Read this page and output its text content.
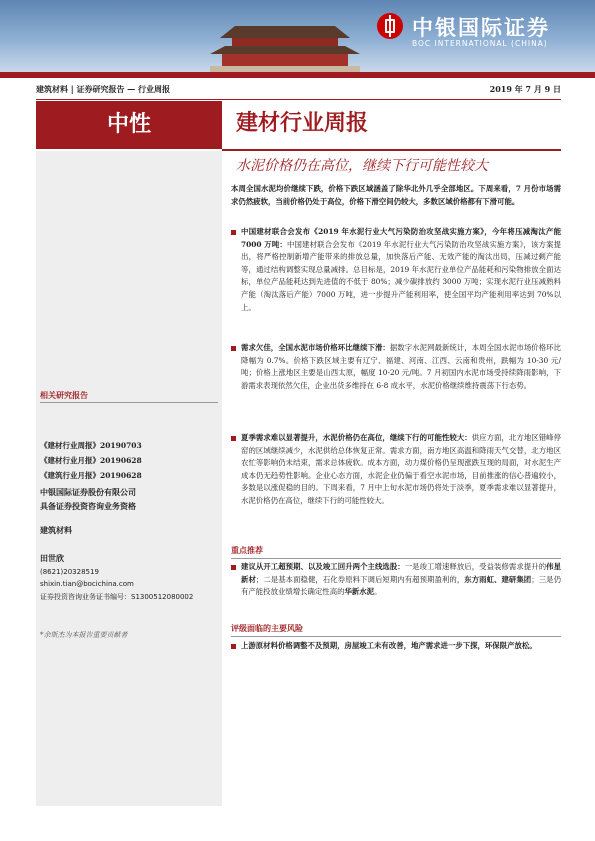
中银国际证券
BOC INTERNATIONAL (CHINA)
建筑材料 | 证券研究报告 — 行业周报	2019 年 7 月 9 日
中性	建材行业周报
水泥价格仍在高位，继续下行可能性较大
相关研究报告
《建材行业周报》20190703
《建材行业月报》20190628
《建筑行业月报》20190628
中银国际证券股份有限公司
具备证券投资咨询业务资格
建筑材料
田世欣
(8621)20328519
shixin.tian@bocichina.com
证券投资咨询业务证书编号：S1300512080002
*余斯杰为本报告重要贡献者
本周全国水泥均价继续下跌，价格下跌区域涵盖了除华北外几乎全部地区。下周来看，7 月份市场需求仍然疲软，当前价格仍处于高位，价格下滑空间仍较大，多数区域价格都有下滑可能。
中国建材联合会发布《2019 年水泥行业大气污染防治攻坚战实施方案》，今年将压减淘汰产能 7000 万吨：中国建材联合会发布《2019 年水泥行业大气污染防治攻坚战实施方案》，该方案提出，将严格控制新增产能带来的排放总量，加快落后产能、无效产能的淘汰出局，压减过剩产能等，通过结构调整实现总量减排。总目标是，2019 年水泥行业单位产品能耗和污染物排放全面达标，单位产品能耗达到先进值的不低于 80%；减少碳排放约 3000 万吨；实现水泥行业压减熟料产能（淘汰落后产能）7000 万吨，进一步提升产能利用率，使全国平均产能利用率达到 70%以上。
需求欠佳，全国水泥市场价格环比继续下滑：据数字水泥网最新统计，本周全国水泥市场价格环比降幅为 0.7%。价格下跌区域主要有辽宁、福建、河南、江西、云南和贵州，跌幅为 10-30 元/吨；价格上涨地区主要是山西太原，幅度 10-20 元/吨。7 月初国内水泥市场受持续降雨影响，下游需求表现依然欠佳，企业出货多维持在 6-8 成水平，水泥价格继续维持震荡下行态势。
夏季需求难以显著提升，水泥价格仍在高位，继续下行的可能性较大：供应方面，北方地区错峰停窑的区域继续减少，水泥供给总体恢复正常。需求方面，南方地区高温和降雨天气交替，北方地区农忙等影响仍未结束，需求总体疲软。成本方面，动力煤价格仍呈现涨跌互现的局面，对水泥生产成本仍无趋势性影响。企业心态方面，水泥企业仍偏于看空水泥市场，目前推涨的信心普遍较小，多数是以涨促稳的目的。下周来看，7 月中上旬水泥市场仍将处于淡季，夏季需求难以显著提升，水泥价格仍在高位，继续下行的可能性较大。
重点推荐
建议从开工超预期、以及竣工回升两个主线选股：一是竣工增速释放后，受益装修需求提升的伟星新材；二是基本面稳健，石化券原料下调后短期内有超预期盈利的，东方雨虹、建研集团；三是仍有产能投放业绩增长确定性高的华新水泥。
评级面临的主要风险
上游原材料价格调整不及预期，房屋竣工未有改善，地产需求进一步下探，环保限产放松。
